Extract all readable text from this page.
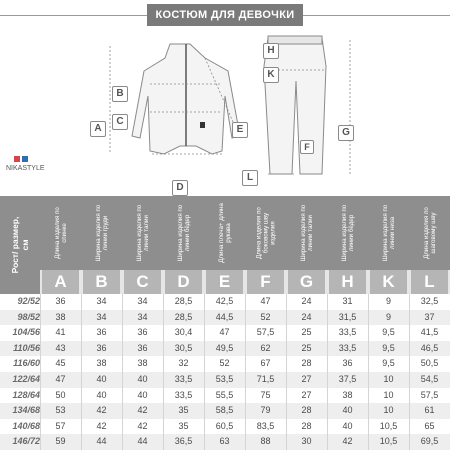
КОСТЮМ ДЛЯ ДЕВОЧКИ
A
B
C
D
E
H
K
G
L
F
NIKASTYLE
A	B	C	D	E	F	G	H	K	L
Рост/ размер, см	Длина изделия по спинке	Ширина изделия по линии груди	Ширина изделия по линии талии	Ширина изделия по линии бёдер	Длина плеча+ длина рукава	Длина изделия по боковому шву изделия	Ширина изделия по линии талии	Ширина изделия по линии бёдер	Ширина изделия по линии низа	Длина изделия по шаговому шву
92/52	36	34	34	28,5	42,5	47	24	31	9	32,5
98/52	38	34	34	28,5	44,5	52	24	31,5	9	37
104/56	41	36	36	30,4	47	57,5	25	33,5	9,5	41,5
110/56	43	36	36	30,5	49,5	62	25	33,5	9,5	46,5
116/60	45	38	38	32	52	67	28	36	9,5	50,5
122/64	47	40	40	33,5	53,5	71,5	27	37,5	10	54,5
128/64	50	40	40	33,5	55,5	75	27	38	10	57,5
134/68	53	42	42	35	58,5	79	28	40	10	61
140/68	57	42	42	35	60,5	83,5	28	40	10,5	65
146/72	59	44	44	36,5	63	88	30	42	10,5	69,5
